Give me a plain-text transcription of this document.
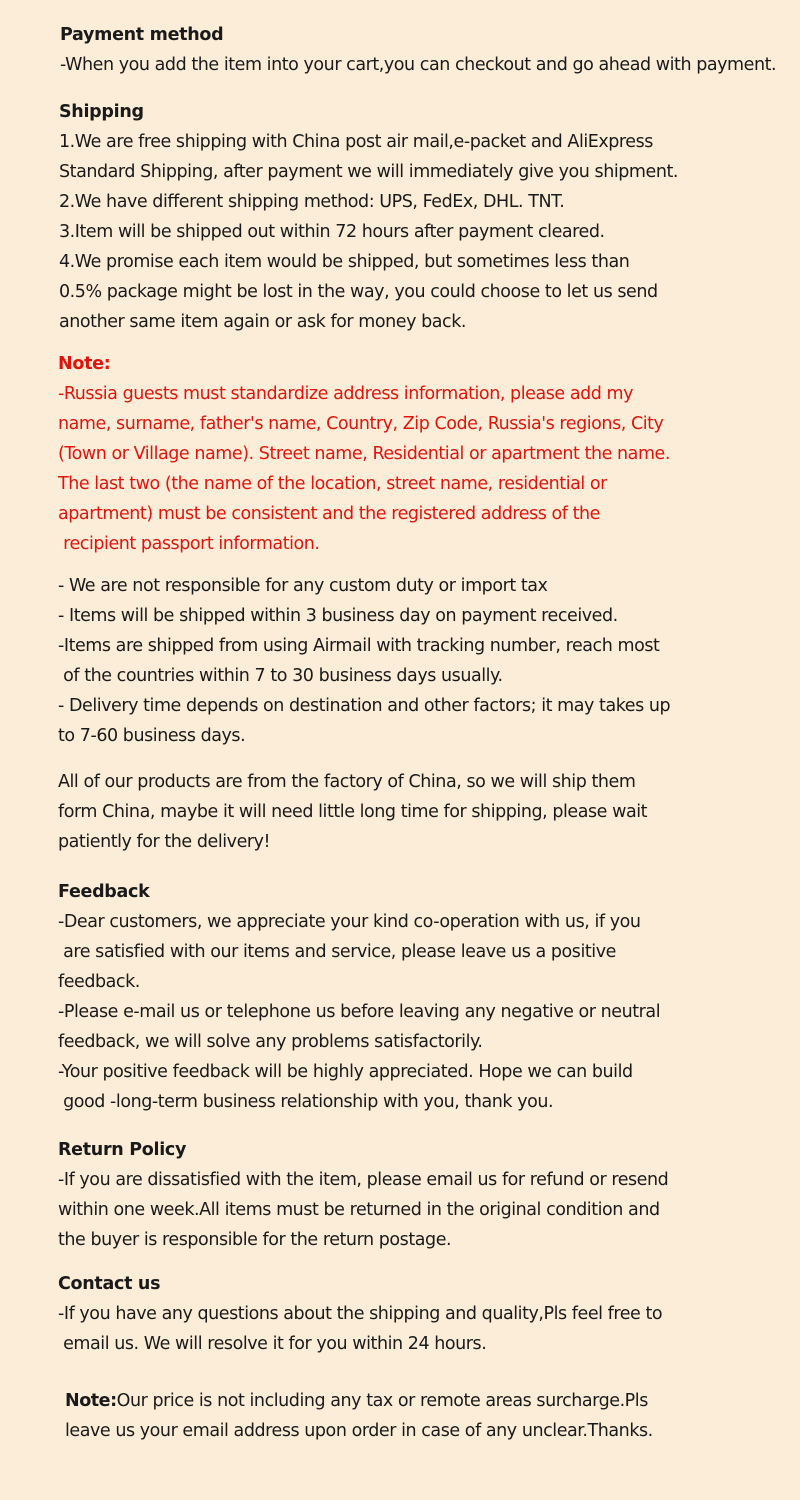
Payment method
-When you add the item into your cart,you can checkout and go ahead with payment.
Shipping
1.We are free shipping with China post air mail,e-packet and AliExpress
Standard Shipping, after payment we will immediately give you shipment.
2.We have different shipping method: UPS, FedEx, DHL. TNT.
3.Item will be shipped out within 72 hours after payment cleared.
4.We promise each item would be shipped, but sometimes less than
0.5% package might be lost in the way, you could choose to let us send
another same item again or ask for money back.
Note:
-Russia guests must standardize address information, please add my
name, surname, father's name, Country, Zip Code, Russia's regions, City
(Town or Village name). Street name, Residential or apartment the name.
The last two (the name of the location, street name, residential or
apartment) must be consistent and the registered address of the
recipient passport information.
- We are not responsible for any custom duty or import tax
- Items will be shipped within 3 business day on payment received.
-Items are shipped from using Airmail with tracking number, reach most
of the countries within 7 to 30 business days usually.
- Delivery time depends on destination and other factors; it may takes up
to 7-60 business days.
All of our products are from the factory of China, so we will ship them
form China, maybe it will need little long time for shipping, please wait
patiently for the delivery!
Feedback
-Dear customers, we appreciate your kind co-operation with us, if you
are satisfied with our items and service, please leave us a positive
feedback.
-Please e-mail us or telephone us before leaving any negative or neutral
feedback, we will solve any problems satisfactorily.
-Your positive feedback will be highly appreciated. Hope we can build
good -long-term business relationship with you, thank you.
Return Policy
-If you are dissatisfied with the item, please email us for refund or resend
within one week.All items must be returned in the original condition and
the buyer is responsible for the return postage.
Contact us
-If you have any questions about the shipping and quality,Pls feel free to
email us. We will resolve it for you within 24 hours.
Note:Our price is not including any tax or remote areas surcharge.Pls
leave us your email address upon order in case of any unclear.Thanks.
